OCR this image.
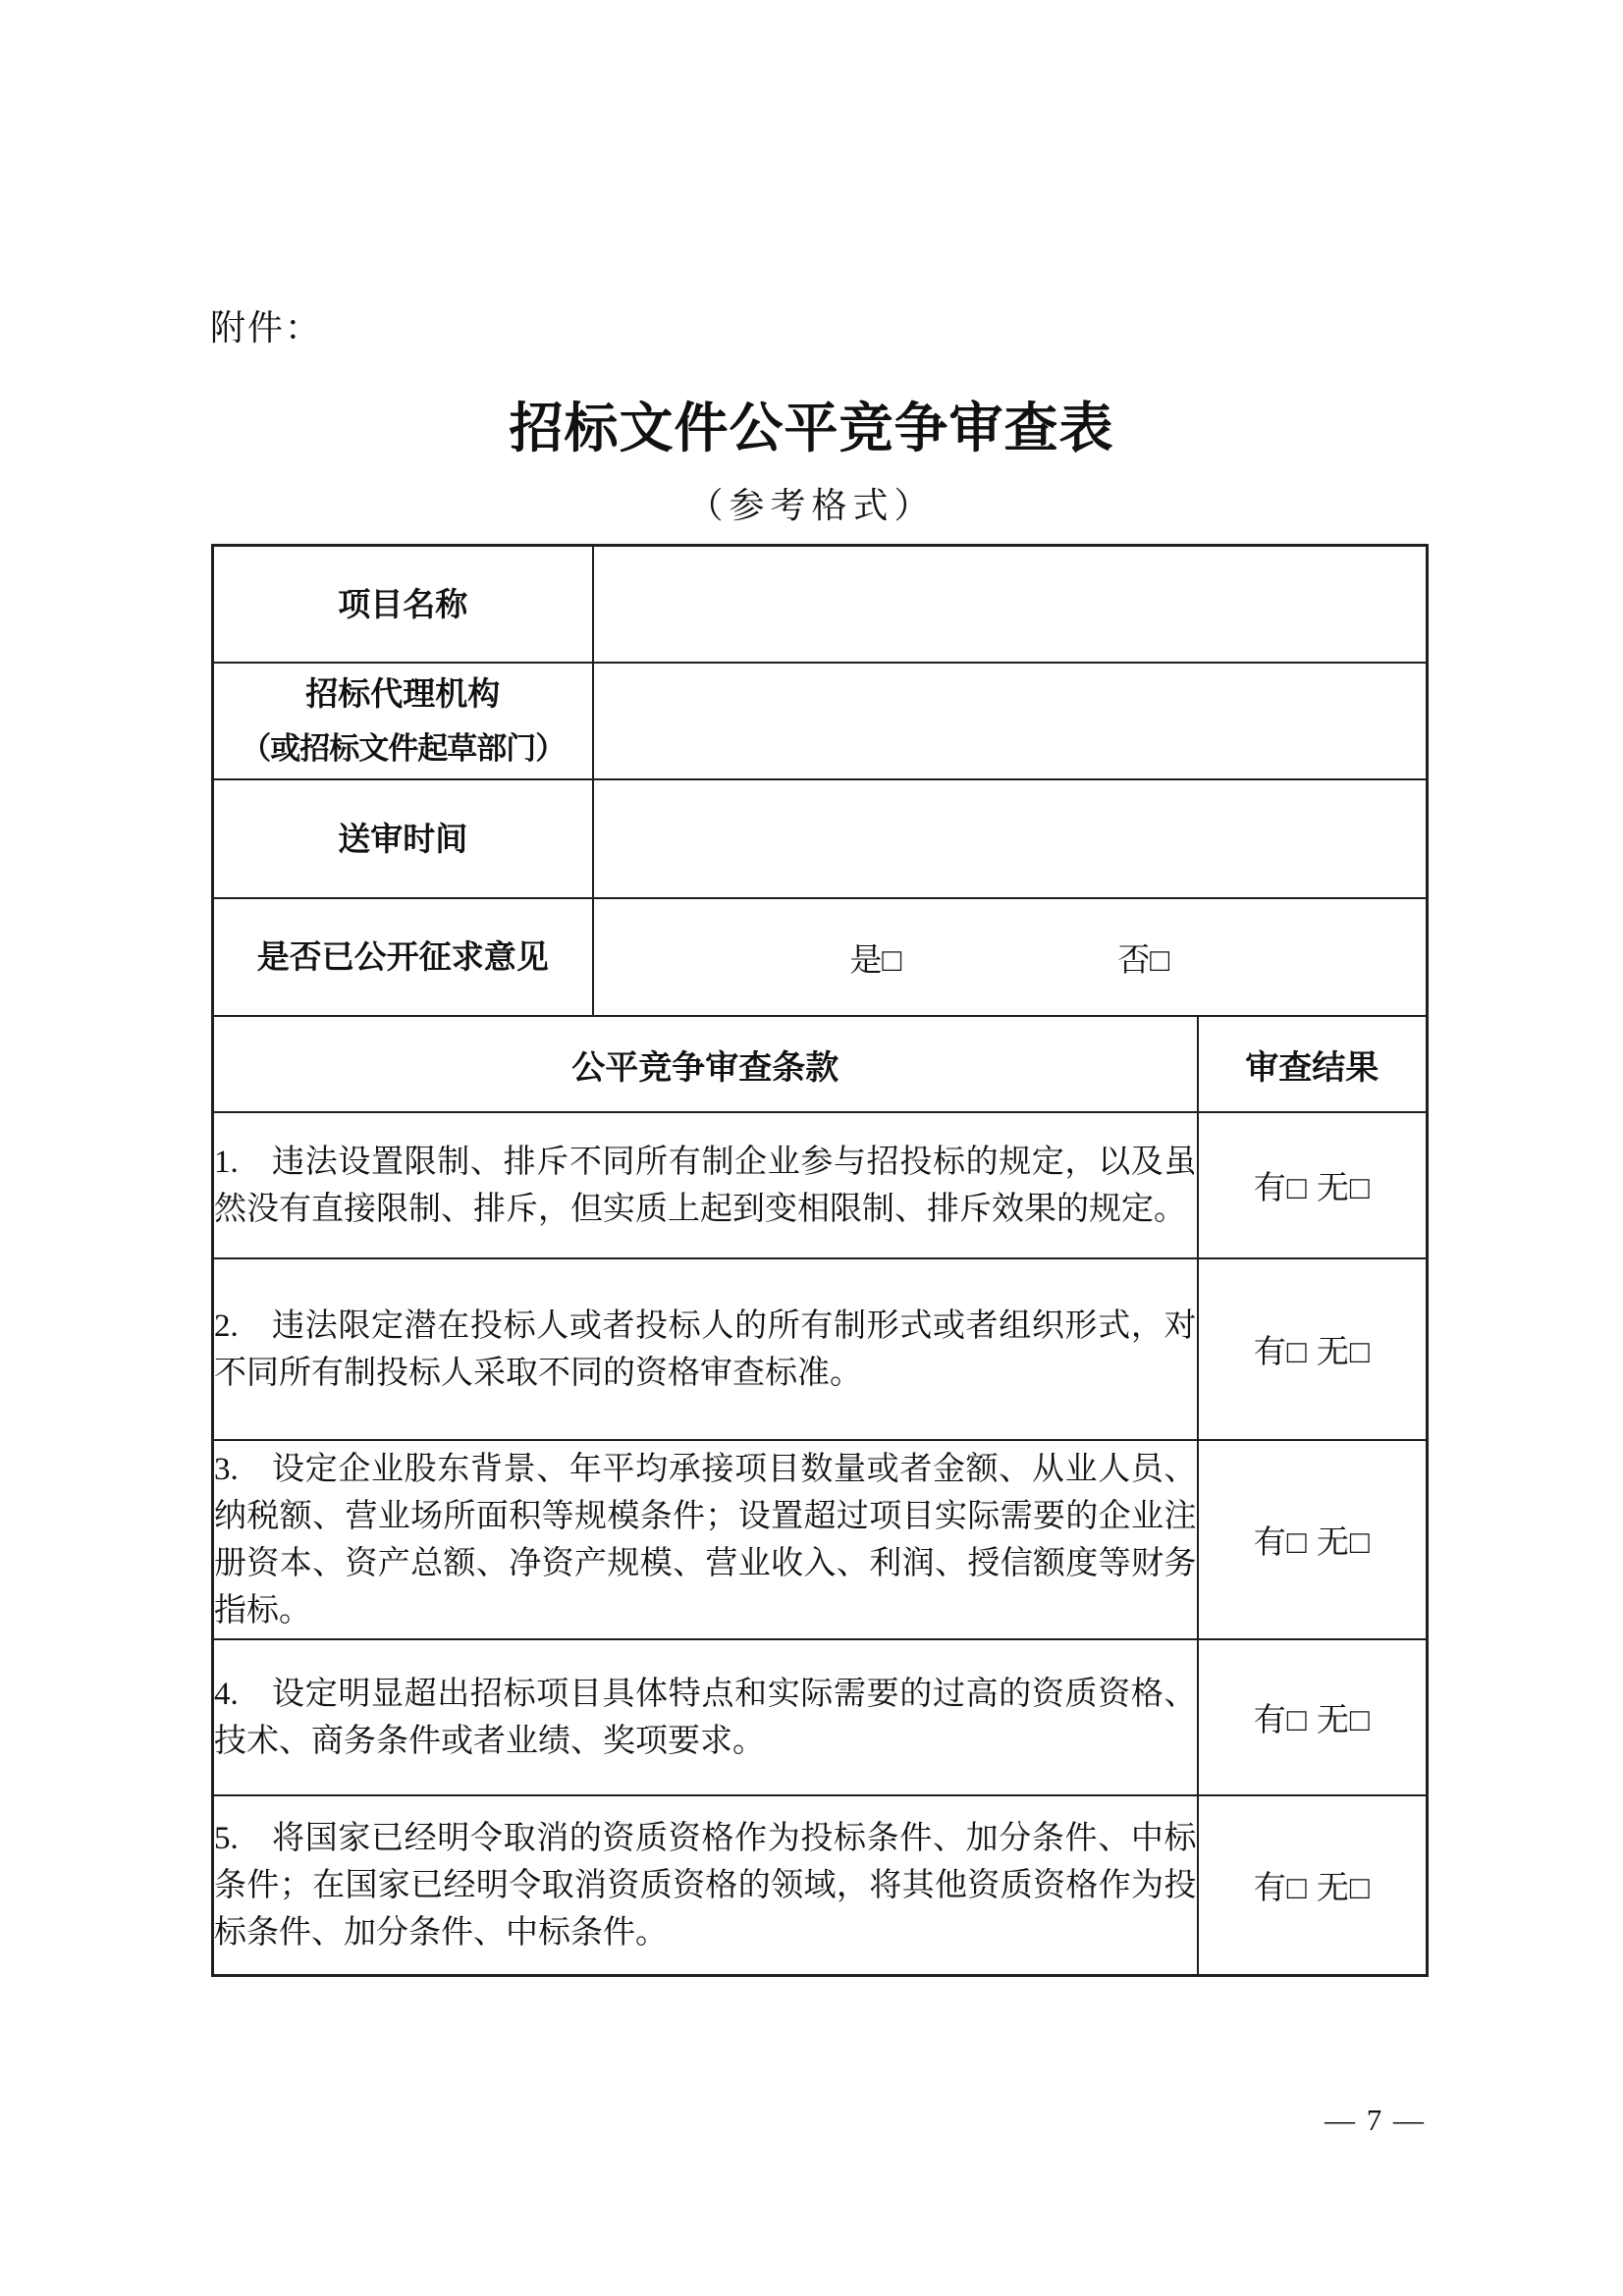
附件：
招标文件公平竞争审查表
（参考格式）
项目名称		

招标代理机构
（或招标文件起草部门）		

送审时间		
是否已公开征求意见	是□ 否□	

公平竞争审查条款		审查结果
1.　违法设置限制、排斥不同所有制企业参与招投标的规定，以及虽然没有直接限制、排斥，但实质上起到变相限制、排斥效果的规定。		有□ 无□
2.　违法限定潜在投标人或者投标人的所有制形式或者组织形式，对不同所有制投标人采取不同的资格审查标准。		有□ 无□
3.　设定企业股东背景、年平均承接项目数量或者金额、从业人员、纳税额、营业场所面积等规模条件；设置超过项目实际需要的企业注册资本、资产总额、净资产规模、营业收入、利润、授信额度等财务指标。		有□ 无□
4.　设定明显超出招标项目具体特点和实际需要的过高的资质资格、技术、商务条件或者业绩、奖项要求。		有□ 无□
5.　将国家已经明令取消的资质资格作为投标条件、加分条件、中标条件；在国家已经明令取消资质资格的领域，将其他资质资格作为投标条件、加分条件、中标条件。		有□ 无□
— 7 —
